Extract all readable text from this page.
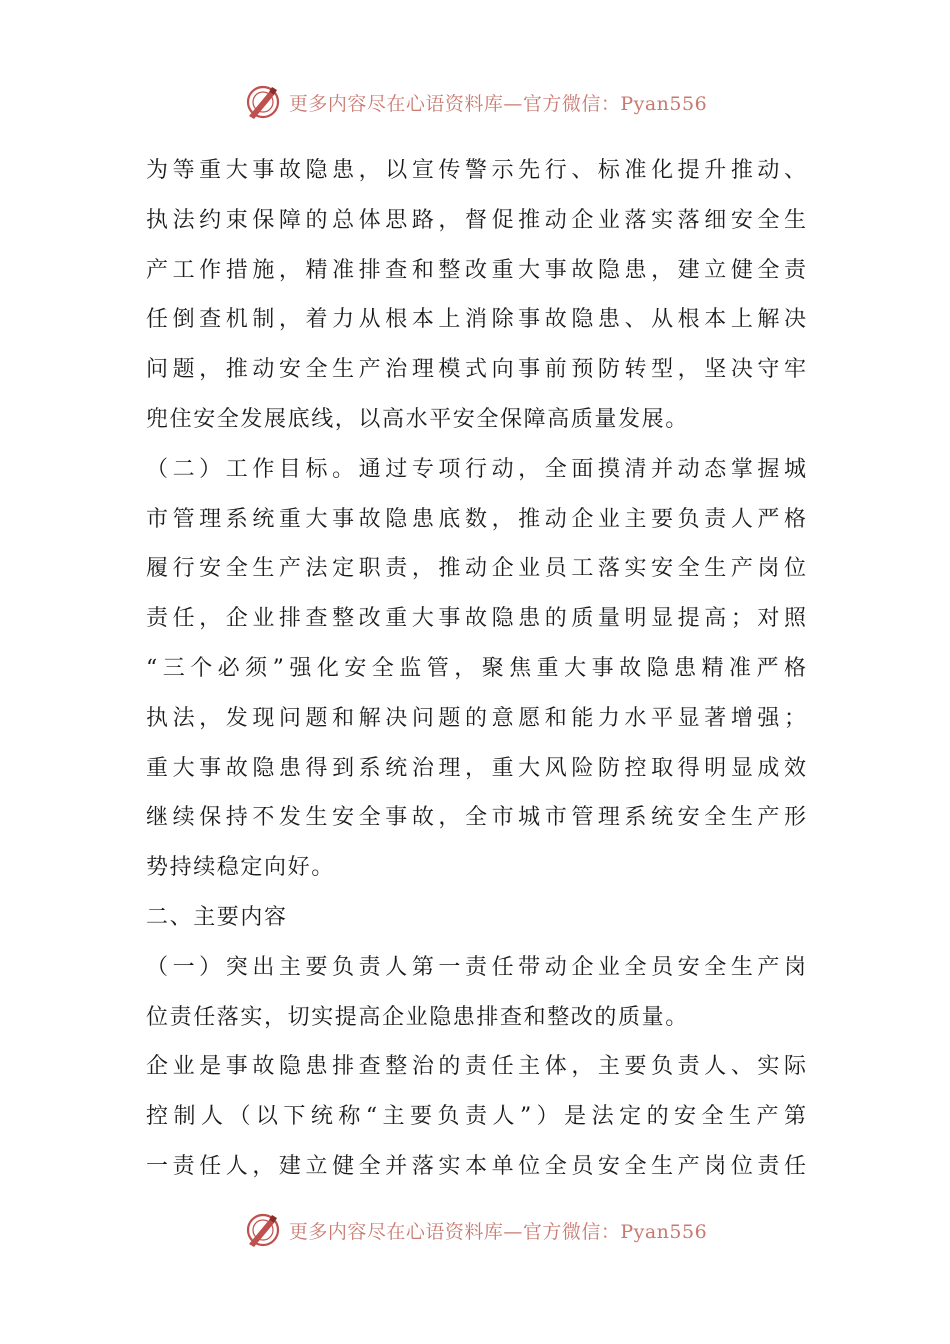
更多内容尽在心语资料库—官方微信：Pyan556
为等重大事故隐患，以宣传警示先行、标准化提升推动、
执法约束保障的总体思路，督促推动企业落实落细安全生
产工作措施，精准排查和整改重大事故隐患，建立健全责
任倒查机制，着力从根本上消除事故隐患、从根本上解决
问题，推动安全生产治理模式向事前预防转型，坚决守牢
兜住安全发展底线，以高水平安全保障高质量发展。
（二）工作目标。通过专项行动，全面摸清并动态掌握城
市管理系统重大事故隐患底数，推动企业主要负责人严格
履行安全生产法定职责，推动企业员工落实安全生产岗位
责任，企业排查整改重大事故隐患的质量明显提高；对照
“三个必须”强化安全监管，聚焦重大事故隐患精准严格
执法，发现问题和解决问题的意愿和能力水平显著增强；
重大事故隐患得到系统治理，重大风险防控取得明显成效
继续保持不发生安全事故，全市城市管理系统安全生产形
势持续稳定向好。
二、主要内容
（一）突出主要负责人第一责任带动企业全员安全生产岗
位责任落实，切实提高企业隐患排查和整改的质量。
企业是事故隐患排查整治的责任主体，主要负责人、实际
控制人（以下统称“主要负责人”）是法定的安全生产第
一责任人，建立健全并落实本单位全员安全生产岗位责任
更多内容尽在心语资料库—官方微信：Pyan556
